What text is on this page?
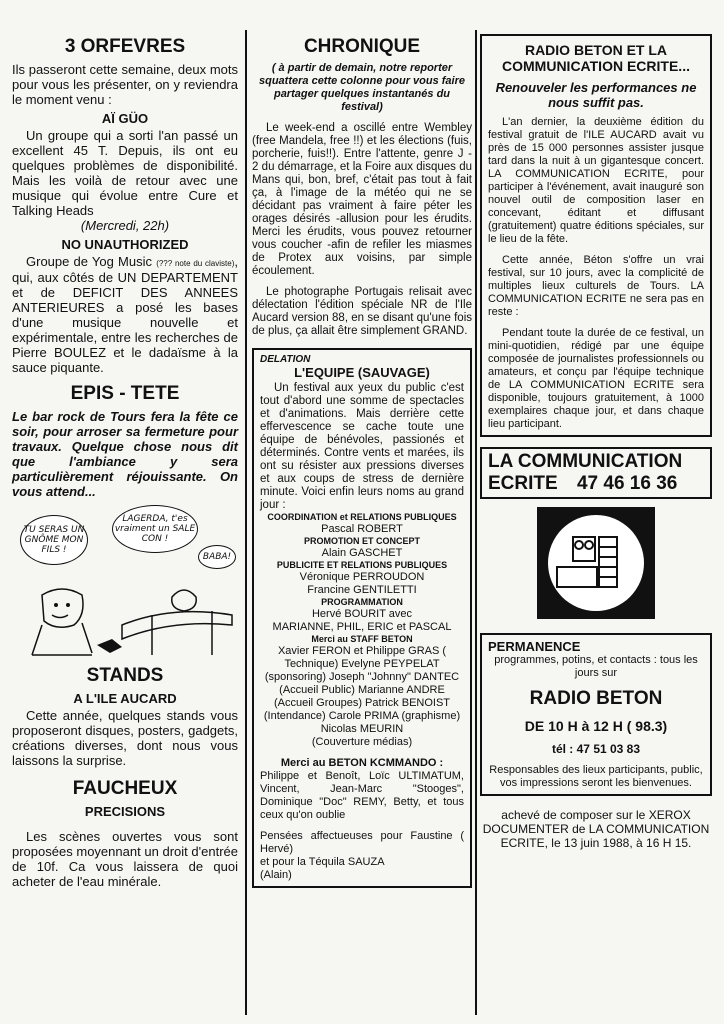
3 ORFEVRES

Ils passeront cette semaine, deux mots pour vous les présenter, on y reviendra le moment venu :

AÏ GÜO

Un groupe qui a sorti l'an passé un excellent 45 T. Depuis, ils ont eu quelques problèmes de disponibilité. Mais les voilà de retour avec une musique qui évolue entre Cure et Talking Heads

(Mercredi, 22h)

NO UNAUTHORIZED

Groupe de Yog Music (??? note du claviste), qui, aux côtés de UN DEPARTEMENT et de DEFICIT DES ANNEES ANTERIEURES a posé les bases d'une musique nouvelle et expérimentale, entre les recherches de Pierre BOULEZ et le dadaïsme à la sauce piquante.

EPIS - TETE

Le bar rock de Tours fera la fête ce soir, pour arroser sa fermeture pour travaux. Quelque chose nous dit que l'ambiance y sera particulièrement réjouissante. On vous attend...

TU SERAS UN GNÔME MON FILS !
LAGERDA, t'es vraiment un SALE CON !
BABA!
STANDS
A L'ILE AUCARD

Cette année, quelques stands vous proposeront disques, posters, gadgets, créations diverses, dont nous vous laissons la surprise.

FAUCHEUX
PRECISIONS

Les scènes ouvertes vous sont proposées moyennant un droit d'entrée de 10f. Ca vous laissera de quoi acheter de l'eau minérale.

CHRONIQUE

( à partir de demain, notre reporter squattera cette colonne pour vous faire partager quelques instantanés du festival)

Le week-end a oscillé entre Wembley (free Mandela, free !!) et les élections (fuis, porcherie, fuis!!). Entre l'attente, genre J - 2 du démarrage, et la Foire aux disques du Mans qui, bon, bref, c'était pas tout à fait ça, à l'image de la météo qui ne se décidant pas vraiment à faire péter les orages désirés -allusion pour les érudits. Merci les érudits, vous pouvez retourner vous coucher -afin de refiler les miasmes de Protex aux voisins, par simple écoulement.

Le photographe Portugais relisait avec délectation l'édition spéciale NR de l'Ile Aucard version 88, en se disant qu'une fois de plus, ça allait être simplement GRAND.

DELATION
L'EQUIPE (SAUVAGE)

Un festival aux yeux du public c'est tout d'abord une somme de spectacles et d'animations. Mais derrière cette effervescence se cache toute une équipe de bénévoles, passionés et déterminés. Contre vents et marées, ils ont su résister aux pressions diverses et aux coups de stress de dernière minute. Voici enfin leurs noms au grand jour :

COORDINATION et RELATIONS PUBLIQUES
Pascal ROBERT
PROMOTION ET CONCEPT
Alain GASCHET
PUBLICITE ET RELATIONS PUBLIQUES
Véronique PERROUDON
Francine GENTILETTI
PROGRAMMATION
Hervé BOURIT avec
MARIANNE, PHIL, ERIC et PASCAL
Merci au STAFF BETON

Xavier FERON et Philippe GRAS ( Technique) Evelyne PEYPELAT (sponsoring) Joseph "Johnny" DANTEC (Accueil Public) Marianne ANDRE (Accueil Groupes) Patrick BENOIST (Intendance) Carole PRIMA (graphisme) Nicolas MEURIN

(Couverture médias)
Merci au BETON KCMMANDO :

Philippe et Benoît, Loïc ULTIMATUM, Vincent, Jean-Marc "Stooges", Dominique "Doc" REMY, Betty, et tous ceux qu'on oublie

Pensées affectueuses pour Faustine ( Hervé)

et pour la Téquila SAUZA

(Alain)

RADIO BETON ET LA COMMUNICATION ECRITE...
Renouveler les performances ne nous suffit pas.

L'an dernier, la deuxième édition du festival gratuit de l'ILE AUCARD avait vu près de 15 000 personnes assister jusque tard dans la nuit à un gigantesque concert. LA COMMUNICATION ECRITE, pour participer à l'événement, avait inauguré son nouvel outil de composition laser en concevant, éditant et diffusant (gratuitement) quatre éditions spéciales, sur le lieu de la fête.

Cette année, Béton s'offre un vrai festival, sur 10 jours, avec la complicité de multiples lieux culturels de Tours. LA COMMUNICATION ECRITE ne sera pas en reste :

Pendant toute la durée de ce festival, un mini-quotidien, rédigé par une équipe composée de journalistes professionnels ou amateurs, et conçu par l'équipe technique de LA COMMUNICATION ECRITE sera disponible, toujours gratuitement, à 1000 exemplaires chaque jour, et dans chaque lieu participant.

LA COMMUNICATION
ECRITE 47 46 16 36
PERMANENCE

programmes, potins, et contacts : tous les jours sur

RADIO BETON
DE 10 H à 12 H ( 98.3)
tél : 47 51 03 83

Responsables des lieux participants, public, vos impressions seront les bienvenues.

achevé de composer sur le XEROX DOCUMENTER de LA COMMUNICATION ECRITE, le 13 juin 1988, à 16 H 15.
